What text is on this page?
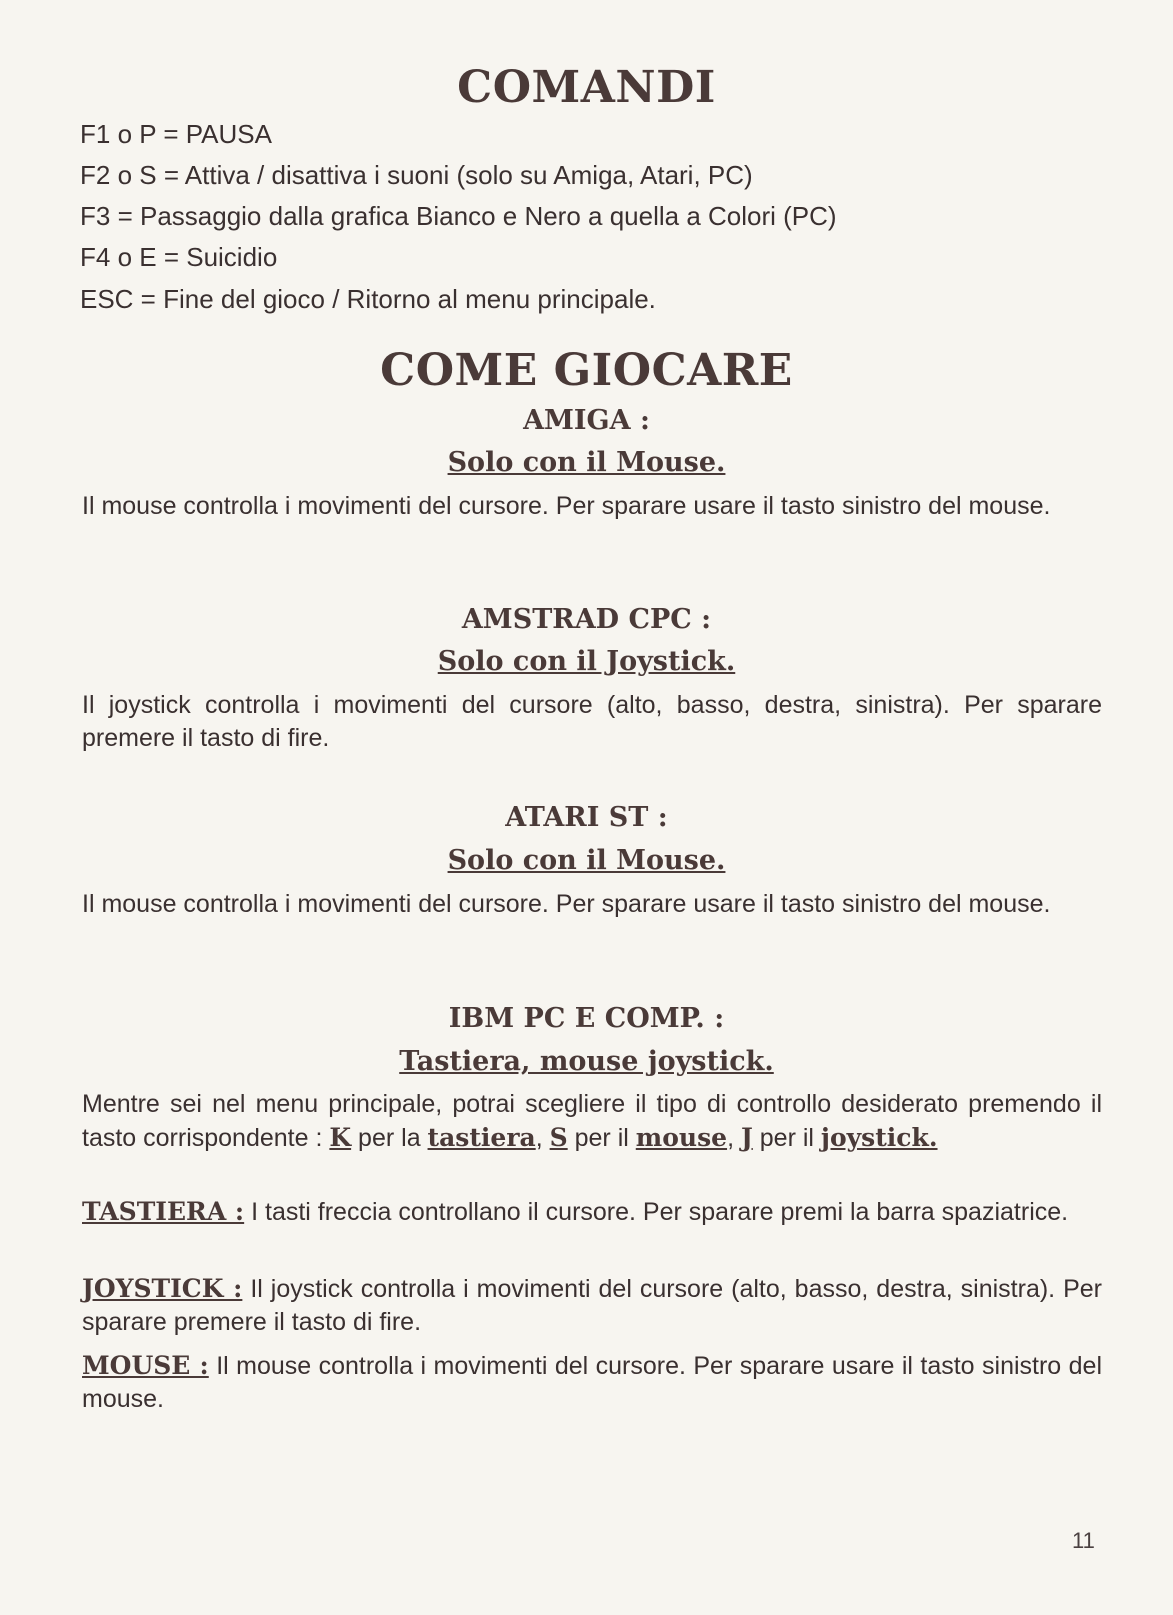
COMANDI
F1 o P = PAUSA
F2 o S = Attiva / disattiva i suoni (solo su Amiga, Atari, PC)
F3 = Passaggio dalla grafica Bianco e Nero a quella a Colori (PC)
F4 o E = Suicidio
ESC = Fine del gioco / Ritorno al menu principale.
COME GIOCARE
AMIGA :
Solo con il Mouse.
Il mouse controlla i movimenti del cursore. Per sparare usare il tasto sinistro del mouse.
AMSTRAD CPC :
Solo con il Joystick.
Il joystick controlla i movimenti del cursore (alto, basso, destra, sinistra). Per sparare premere il tasto di fire.
ATARI ST :
Solo con il Mouse.
Il mouse controlla i movimenti del cursore. Per sparare usare il tasto sinistro del mouse.
IBM PC E COMP. :
Tastiera, mouse joystick.
Mentre sei nel menu principale, potrai scegliere il tipo di controllo desiderato premendo il tasto corrispondente : K per la tastiera, S per il mouse, J per il joystick.
TASTIERA : I tasti freccia controllano il cursore. Per sparare premi la barra spaziatrice.
JOYSTICK : Il joystick controlla i movimenti del cursore (alto, basso, destra, sinistra). Per sparare premere il tasto di fire.
MOUSE : Il mouse controlla i movimenti del cursore. Per sparare usare il tasto sinistro del mouse.
11
